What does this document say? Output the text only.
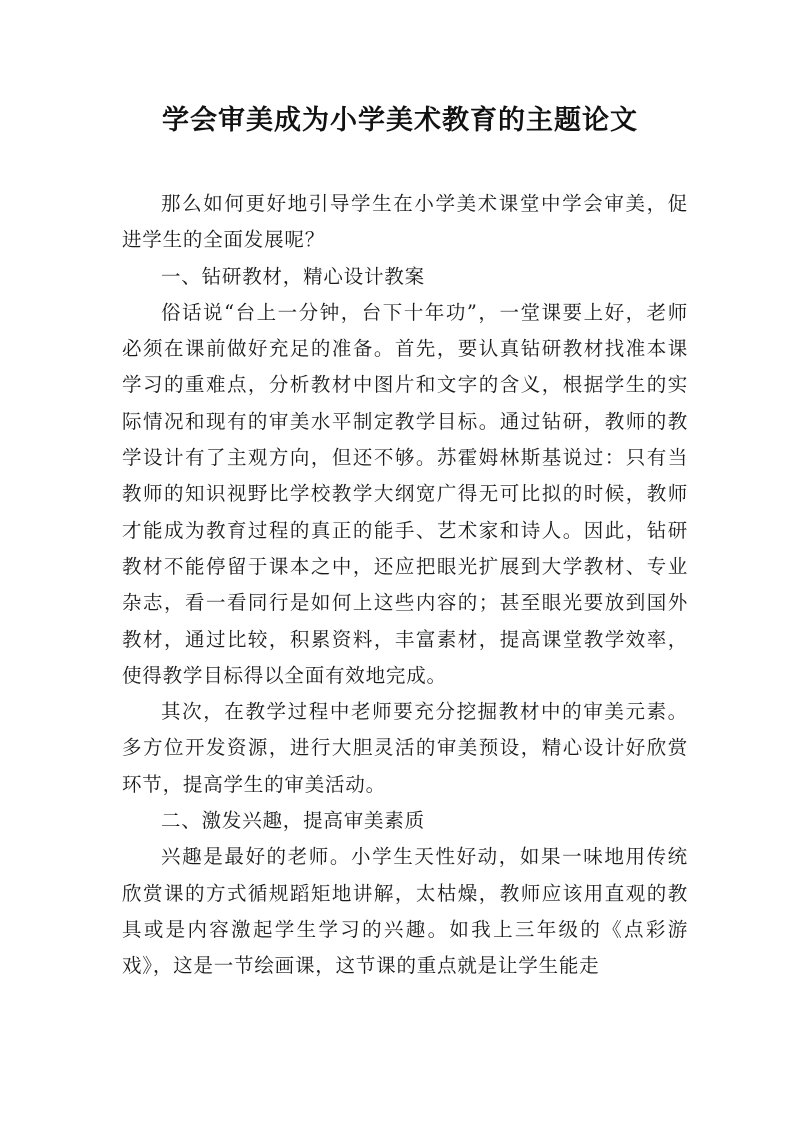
学会审美成为小学美术教育的主题论文

那么如何更好地引导学生在小学美术课堂中学会审美，促进学生的全面发展呢？

一、钻研教材，精心设计教案

俗话说“台上一分钟，台下十年功”，一堂课要上好，老师必须在课前做好充足的准备。首先，要认真钻研教材找准本课学习的重难点，分析教材中图片和文字的含义，根据学生的实际情况和现有的审美水平制定教学目标。通过钻研，教师的教学设计有了主观方向，但还不够。苏霍姆林斯基说过：只有当教师的知识视野比学校教学大纲宽广得无可比拟的时候，教师才能成为教育过程的真正的能手、艺术家和诗人。因此，钻研教材不能停留于课本之中，还应把眼光扩展到大学教材、专业杂志，看一看同行是如何上这些内容的；甚至眼光要放到国外教材，通过比较，积累资料，丰富素材，提高课堂教学效率，使得教学目标得以全面有效地完成。

其次，在教学过程中老师要充分挖掘教材中的审美元素。多方位开发资源，进行大胆灵活的审美预设，精心设计好欣赏环节，提高学生的审美活动。

二、激发兴趣，提高审美素质

兴趣是最好的老师。小学生天性好动，如果一味地用传统欣赏课的方式循规蹈矩地讲解，太枯燥，教师应该用直观的教具或是内容激起学生学习的兴趣。如我上三年级的《点彩游戏》，这是一节绘画课，这节课的重点就是让学生能走
